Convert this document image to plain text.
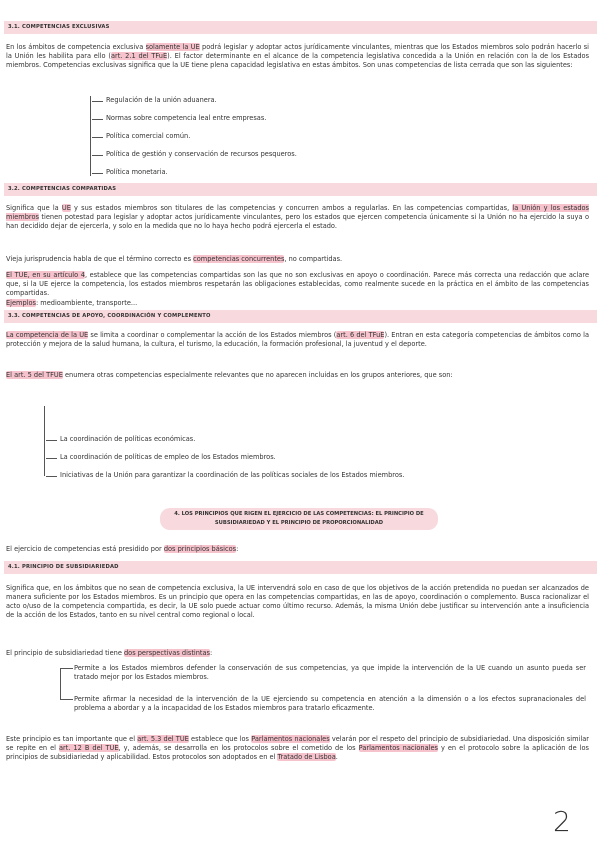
3.1. COMPETENCIAS EXCLUSIVAS
En los ámbitos de competencia exclusiva solamente la UE podrá legislar y adoptar actos jurídicamente vinculantes, mientras que los Estados miembros solo podrán hacerlo si la Unión les habilita para ello (art. 2.1 del TFuE). El factor determinante en el alcance de la competencia legislativa concedida a la Unión en relación con la de los Estados miembros. Competencias exclusivas significa que la UE tiene plena capacidad legislativa en estas ámbitos. Son unas competencias de lista cerrada que son las siguientes:
Regulación de la unión aduanera.
Normas sobre competencia leal entre empresas.
Política comercial común.
Política de gestión y conservación de recursos pesqueros.
Política monetaria.
3.2. COMPETENCIAS COMPARTIDAS
Significa que la UE y sus estados miembros son titulares de las competencias y concurren ambos a regularlas. En las competencias compartidas, la Unión y los estados miembros tienen potestad para legislar y adoptar actos jurídicamente vinculantes, pero los estados que ejercen competencia únicamente si la Unión no ha ejercido la suya o han decidido dejar de ejercerla, y solo en la medida que no lo haya hecho podrá ejercerla el estado.
Vieja jurisprudencia habla de que el término correcto es competencias concurrentes, no compartidas.
El TUE, en su artículo 4, establece que las competencias compartidas son las que no son exclusivas en apoyo o coordinación. Parece más correcta una redacción que aclare que, si la UE ejerce la competencia, los estados miembros respetarán las obligaciones establecidas, como realmente sucede en la práctica en el ámbito de las competencias compartidas.
Ejemplos: medioambiente, transporte...
3.3. COMPETENCIAS DE APOYO, COORDINACIÓN Y COMPLEMENTO
La competencia de la UE se limita a coordinar o complementar la acción de los Estados miembros (art. 6 del TFuE). Entran en esta categoría competencias de ámbitos como la protección y mejora de la salud humana, la cultura, el turismo, la educación, la formación profesional, la juventud y el deporte.
El art. 5 del TFUE enumera otras competencias especialmente relevantes que no aparecen incluidas en los grupos anteriores, que son:
La coordinación de políticas económicas.
La coordinación de políticas de empleo de los Estados miembros.
Iniciativas de la Unión para garantizar la coordinación de las políticas sociales de los Estados miembros.
4. LOS PRINCIPIOS QUE RIGEN EL EJERCICIO DE LAS COMPETENCIAS: EL PRINCIPIO DE
SUBSIDIARIEDAD Y EL PRINCIPIO DE PROPORCIONALIDAD
El ejercicio de competencias está presidido por dos principios básicos:
4.1. PRINCIPIO DE SUBSIDIARIEDAD
Significa que, en los ámbitos que no sean de competencia exclusiva, la UE intervendrá solo en caso de que los objetivos de la acción pretendida no puedan ser alcanzados de manera suficiente por los Estados miembros. Es un principio que opera en las competencias compartidas, en las de apoyo, coordinación o complemento. Busca racionalizar el acto o/uso de la competencia compartida, es decir, la UE solo puede actuar como último recurso. Además, la misma Unión debe justificar su intervención ante a insuficiencia de la acción de los Estados, tanto en su nivel central como regional o local.
El principio de subsidiariedad tiene dos perspectivas distintas:
Permite a los Estados miembros defender la conservación de sus competencias, ya que impide la intervención de la UE cuando un asunto pueda ser tratado mejor por los Estados miembros.
Permite afirmar la necesidad de la intervención de la UE ejerciendo su competencia en atención a la dimensión o a los efectos supranacionales del problema a abordar y a la incapacidad de los Estados miembros para tratarlo eficazmente.
Este principio es tan importante que el art. 5.3 del TUE establece que los Parlamentos nacionales velarán por el respeto del principio de subsidiariedad. Una disposición similar se repite en el art. 12 B del TUE, y, además, se desarrolla en los protocolos sobre el cometido de los Parlamentos nacionales y en el protocolo sobre la aplicación de los principios de subsidiariedad y aplicabilidad. Estos protocolos son adoptados en el Tratado de Lisboa.
2
